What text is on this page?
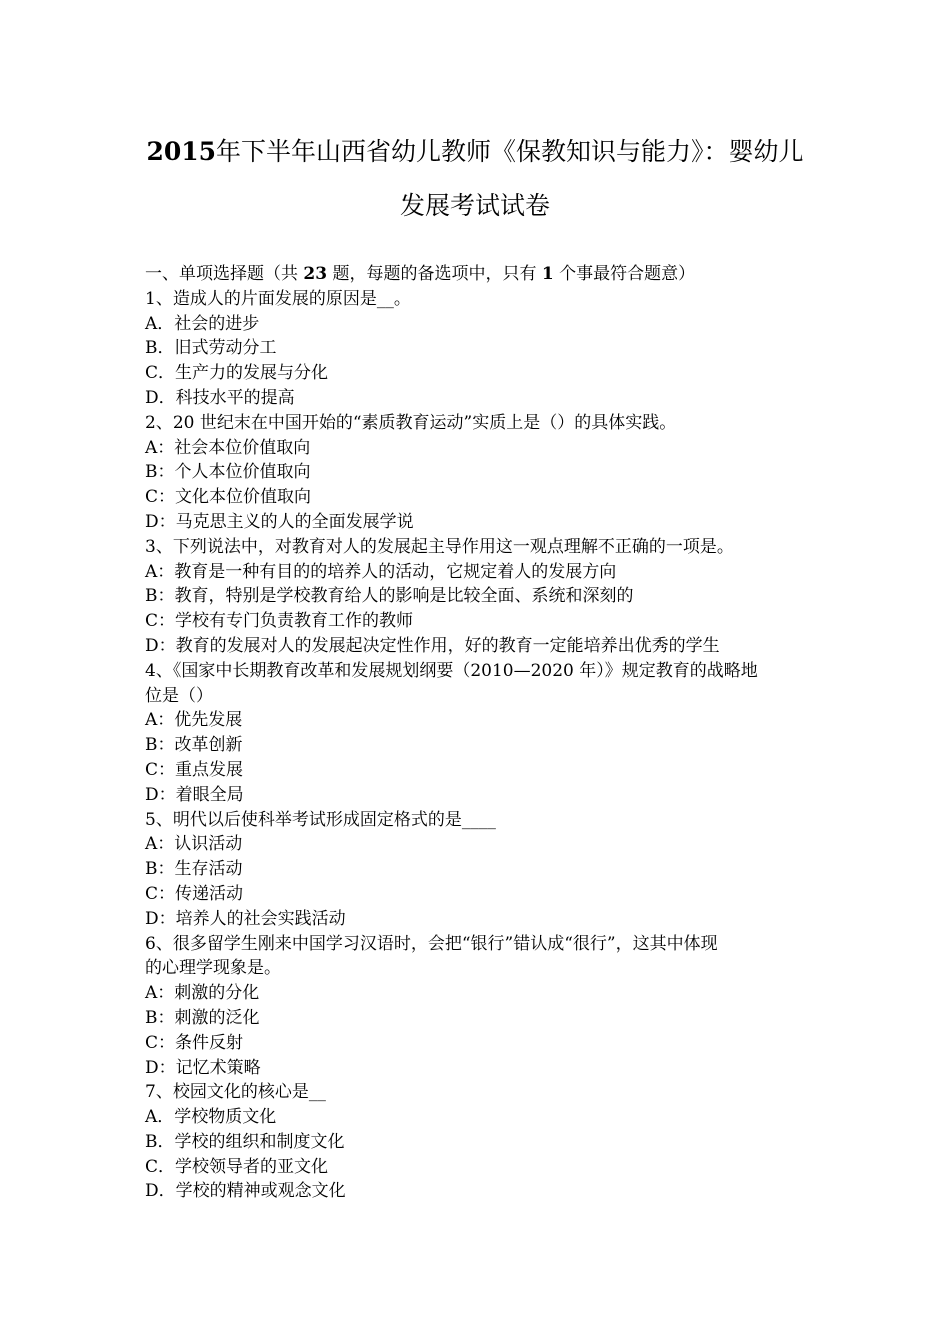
2015年下半年山西省幼儿教师《保教知识与能力》：婴幼儿
发展考试试卷
一、单项选择题（共 23 题，每题的备选项中，只有 1 个事最符合题意）
1、造成人的片面发展的原因是__。
A．社会的进步
B．旧式劳动分工
C．生产力的发展与分化
D．科技水平的提高
2、20 世纪末在中国开始的“素质教育运动”实质上是（）的具体实践。
A：社会本位价值取向
B：个人本位价值取向
C：文化本位价值取向
D：马克思主义的人的全面发展学说
3、下列说法中，对教育对人的发展起主导作用这一观点理解不正确的一项是。
A：教育是一种有目的的培养人的活动，它规定着人的发展方向
B：教育，特别是学校教育给人的影响是比较全面、系统和深刻的
C：学校有专门负责教育工作的教师
D：教育的发展对人的发展起决定性作用，好的教育一定能培养出优秀的学生
4、《国家中长期教育改革和发展规划纲要（2010—2020 年）》规定教育的战略地
位是（）
A：优先发展
B：改革创新
C：重点发展
D：着眼全局
5、明代以后使科举考试形成固定格式的是____
A：认识活动
B：生存活动
C：传递活动
D：培养人的社会实践活动
6、很多留学生刚来中国学习汉语时，会把“银行”错认成“很行”，这其中体现
的心理学现象是。
A：刺激的分化
B：刺激的泛化
C：条件反射
D：记忆术策略
7、校园文化的核心是__
A．学校物质文化
B．学校的组织和制度文化
C．学校领导者的亚文化
D．学校的精神或观念文化
